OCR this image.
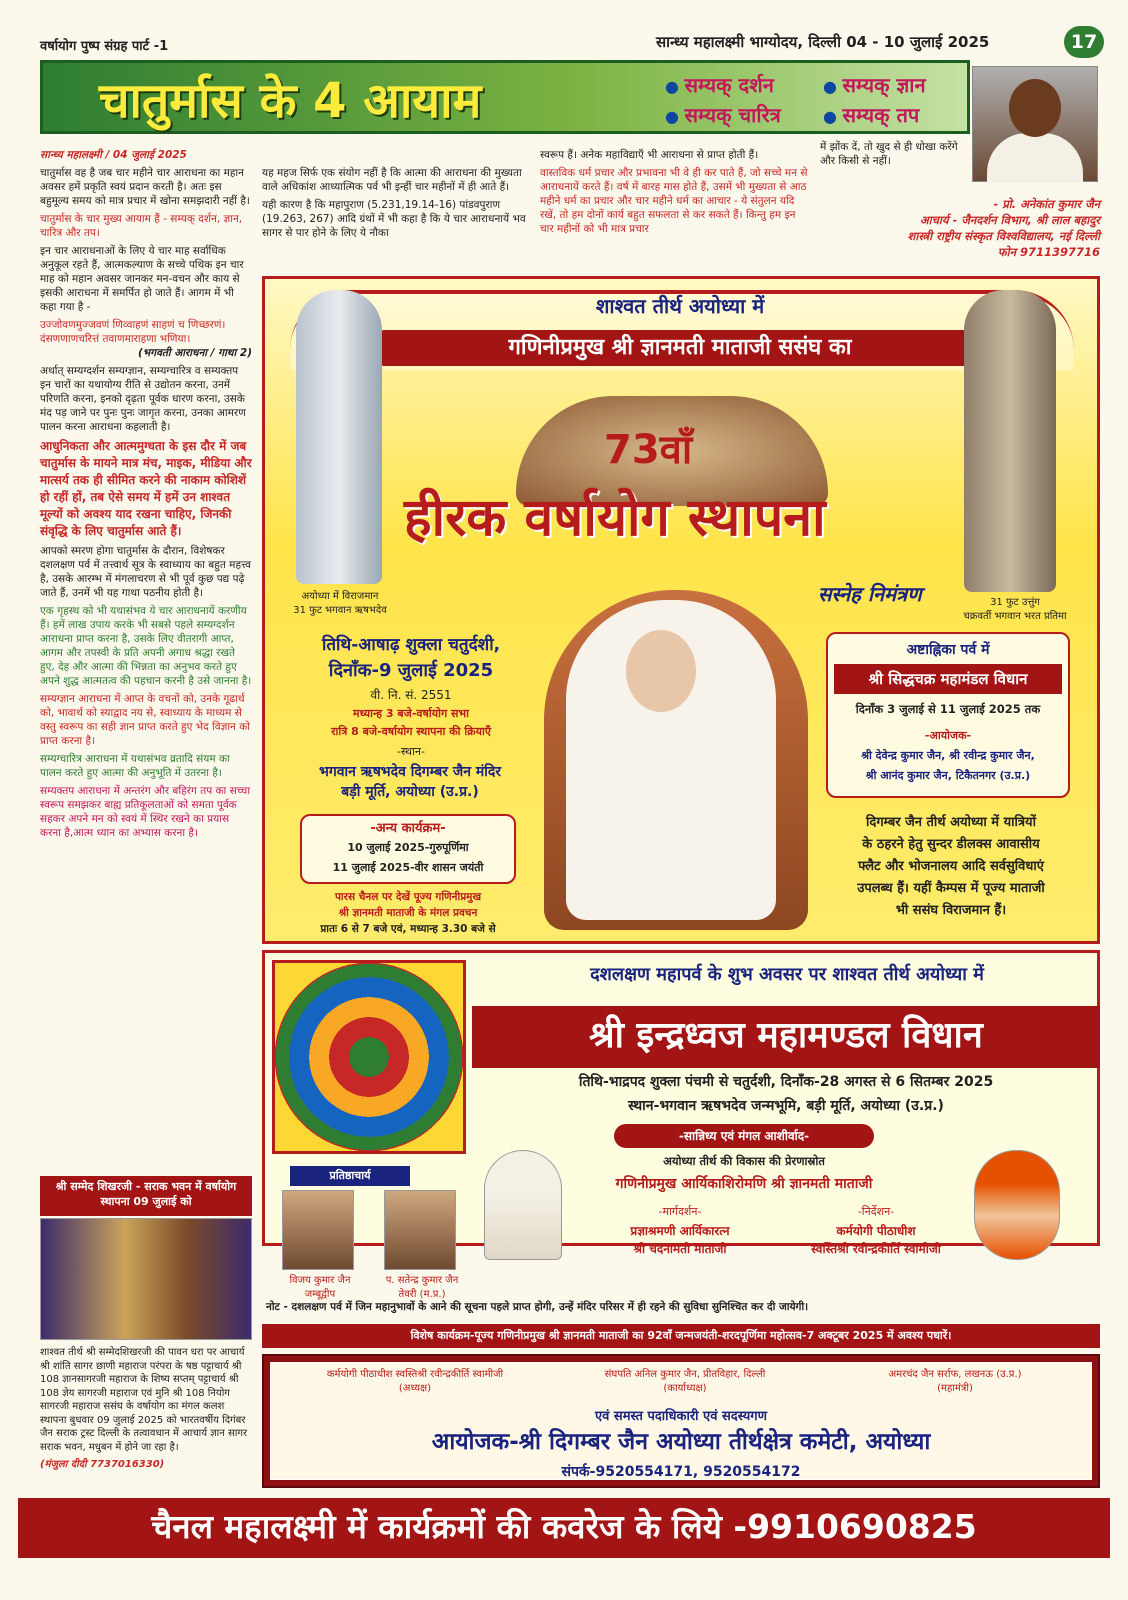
वर्षायोग पुष्प संग्रह पार्ट -1	सान्ध्य महालक्ष्मी भाग्योदय, दिल्ली 04 - 10 जुलाई 2025	17
चातुर्मास के 4 आयाम	● सम्यक् दर्शन	● सम्यक् ज्ञान
● सम्यक् चारित्र	● सम्यक् तप

सान्ध्य महालक्ष्मी / 04 जुलाई 2025

चातुर्मास वह है जब चार महीने चार आराधना का महान अवसर हमें प्रकृति स्वयं प्रदान करती है। अतः इस बहुमूल्य समय को मात्र प्रचार में खोना समझदारी नहीं है।

चातुर्मास के चार मुख्य आयाम हैं - सम्यक् दर्शन, ज्ञान, चारित्र और तप।

इन चार आराधनाओं के लिए ये चार माह सर्वाधिक अनुकूल रहते हैं, आत्मकल्याण के सच्चे पथिक इन चार माह को महान अवसर जानकर मन-वचन और काय से इसकी आराधना में समर्पित हो जाते हैं। आगम में भी कहा गया है -

उज्जोवणमुज्जवणं णिव्वाहणं साहणं च णिच्छरणं।

दंसणणाणचरित्तं तवाणमाराहणा भणिया।

(भगवती आराधना / गाथा 2)

अर्थात् सम्यग्दर्शन सम्यग्ज्ञान, सम्यग्चारित्र व सम्यक्तप इन चारों का यथायोग्य रीति से उद्योतन करना, उनमें परिणति करना, इनको दृढ़ता पूर्वक धारण करना, उसके मंद पड़ जाने पर पुनः पुनः जागृत करना, उनका आमरण पालन करना आराधना कहलाती है।

आधुनिकता और आत्ममुग्धता के इस दौर में जब चातुर्मास के मायने मात्र मंच, माइक, मीडिया और मात्सर्य तक ही सीमित करने की नाकाम कोशिशें हो रहीं हों, तब ऐसे समय में हमें उन शाश्वत मूल्यों को अवश्य याद रखना चाहिए, जिनकी संवृद्धि के लिए चातुर्मास आते हैं।

आपको स्मरण होगा चातुर्मास के दौरान, विशेषकर दशलक्षण पर्व में तत्त्वार्थ सूत्र के स्वाध्याय का बहुत महत्त्व है, उसके आरम्भ में मंगलाचरण से भी पूर्व कुछ पद्य पढ़े जाते हैं, उनमें भी यह गाथा पठनीय होती है।

एक गृहस्थ को भी यथासंभव ये चार आराधनायें करणीय हैं। हमें लाख उपाय करके भी सबसे पहले सम्यग्दर्शन आराधना प्राप्त करना है, उसके लिए वीतरागी आप्त, आगम और तपस्वी के प्रति अपनी अगाध श्रद्धा रखते हुए, देह और आत्मा की भिन्नता का अनुभव करते हुए अपने शुद्ध आत्मतत्व की पहचान करनी है उसे जानना है।

सम्यग्ज्ञान आराधना में आप्त के वचनों को, उनके गूढार्थ को, भावार्थ को स्याद्वाद नय से, स्वाध्याय के माध्यम से वस्तु स्वरूप का सही ज्ञान प्राप्त करते हुए भेद विज्ञान को प्राप्त करना है।

सम्यग्चारित्र आराधना में यथासंभव व्रतादि संयम का पालन करते हुए आत्मा की अनुभूति में उतरना है।

सम्यक्तप आराधना में अन्तरंग और बहिरंग तप का सच्चा स्वरूप समझकर बाह्य प्रतिकूलताओं को समता पूर्वक सहकर अपने मन को स्वयं में स्थिर रखने का प्रयास करना है,आत्म ध्यान का अभ्यास करना है।

श्री सम्मेद शिखरजी - सराक भवन में वर्षायोग स्थापना 09 जुलाई को

शाश्वत तीर्थ श्री सम्मेदशिखरजी की पावन धरा पर आचार्य श्री शांति सागर छाणी महाराज परंपरा के षष्ठ पट्टाचार्य श्री 108 ज्ञानसागरजी महाराज के शिष्य सप्तम् पट्टाचार्य श्री 108 ज्ञेय सागरजी महाराज एवं मुनि श्री 108 नियोग सागरजी महाराज ससंघ के वर्षायोग का मंगल कलश स्थापना बुधवार 09 जुलाई 2025 को भारतवर्षीय दिगंबर जैन सराक ट्रस्ट दिल्ली के तत्वावधान में आचार्य ज्ञान सागर सराक भवन, मधुबन में होने जा रहा है।

(मंजुला दीदी 7737016330)

यह महज सिर्फ एक संयोग नहीं है कि आत्मा की आराधना की मुख्यता वाले अधिकांश आध्यात्मिक पर्व भी इन्हीं चार महीनों में ही आते हैं।

यही कारण है कि महापुराण (5.231,19.14-16) पांडवपुराण (19.263, 267) आदि ग्रंथों में भी कहा है कि ये चार आराधनायें भव सागर से पार होने के लिए ये नौका

स्वरूप हैं। अनेक महाविद्याएँ भी आराधना से प्राप्त होती हैं।

वास्तविक धर्म प्रचार और प्रभावना भी वे ही कर पाते हैं, जो सच्चे मन से आराधनायें करते हैं। वर्ष में बारह मास होते हैं, उसमें भी मुख्यता से आठ महीने धर्म का प्रचार और चार महीने धर्म का आचार - ये संतुलन यदि रखें, तो हम दोनों कार्य बहुत सफलता से कर सकते हैं। किन्तु हम इन चार महीनों को भी मात्र प्रचार

में झोंक दें, तो खुद से ही धोखा करेंगे और किसी से नहीं।
- प्रो. अनेकांत कुमार जैन
आचार्य - जैनदर्शन विभाग, श्री लाल बहादुर
शास्त्री राष्ट्रीय संस्कृत विश्वविद्यालय, नई दिल्ली
फोन 9711397716
शाश्वत तीर्थ अयोध्या में
गणिनीप्रमुख श्री ज्ञानमती माताजी ससंघ का
अयोध्या में विराजमान
31 फुट भगवान ऋषभदेव
31 फुट उत्तुंग
चक्रवर्ती भगवान भरत प्रतिमा
73वाँ
हीरक वर्षायोग स्थापना
सस्नेह निमंत्रण
तिथि-आषाढ़ शुक्ला चतुर्दशी,
दिनाँक-9 जुलाई 2025
वी. नि. सं. 2551
मध्यान्ह 3 बजे-वर्षायोग सभा
रात्रि 8 बजे-वर्षायोग स्थापना की क्रियाएँ
-स्थान-
भगवान ऋषभदेव दिगम्बर जैन मंदिर
बड़ी मूर्ति, अयोध्या (उ.प्र.)
-अन्य कार्यक्रम-
10 जुलाई 2025-गुरुपूर्णिमा
11 जुलाई 2025-वीर शासन जयंती
पारस चैनल पर देखें पूज्य गणिनीप्रमुख
श्री ज्ञानमती माताजी के मंगल प्रवचन
प्रातः 6 से 7 बजे एवं, मध्यान्ह 3.30 बजे से
अष्टाह्निका पर्व में
श्री सिद्धचक्र महामंडल विधान
दिनाँक 3 जुलाई से 11 जुलाई 2025 तक
-आयोजक-
श्री देवेन्द्र कुमार जैन, श्री रवीन्द्र कुमार जैन,
श्री आनंद कुमार जैन, टिकैतनगर (उ.प्र.)
दिगम्बर जैन तीर्थ अयोध्या में यात्रियों
के ठहरने हेतु सुन्दर डीलक्स आवासीय
फ्लैट और भोजनालय आदि सर्वसुविधाएं
उपलब्ध हैं। यहीं कैम्पस में पूज्य माताजी
भी ससंघ विराजमान हैं।
दशलक्षण महापर्व के शुभ अवसर पर शाश्वत तीर्थ अयोध्या में
श्री इन्द्रध्वज महामण्डल विधान
तिथि-भाद्रपद शुक्ला पंचमी से चतुर्दशी, दिनाँक-28 अगस्त से 6 सितम्बर 2025
स्थान-भगवान ऋषभदेव जन्मभूमि, बड़ी मूर्ति, अयोध्या (उ.प्र.)
-सान्निध्य एवं मंगल आशीर्वाद-
अयोध्या तीर्थ की विकास की प्रेरणास्रोत
गणिनीप्रमुख आर्यिकाशिरोमणि श्री ज्ञानमती माताजी
प्रतिष्ठाचार्य
विजय कुमार जैन
जम्बूद्वीप
प. सतेन्द्र कुमार जैन
तेवरी (म.प्र.)
-मार्गदर्शन-
प्रज्ञाश्रमणी आर्यिकारत्न
श्री चंदनामती माताजी
-निर्देशन-
कर्मयोगी पीठाधीश
स्वस्तिश्री रवीन्द्रकीर्ति स्वामीजी
नोट - दशलक्षण पर्व में जिन महानुभावों के आने की सूचना पहले प्राप्त होगी, उन्हें मंदिर परिसर में ही रहने की सुविधा सुनिश्चित कर दी जायेगी।
विशेष कार्यक्रम-पूज्य गणिनीप्रमुख श्री ज्ञानमती माताजी का 92वाँ जन्मजयंती-शरदपूर्णिमा महोत्सव-7 अक्टूबर 2025 में अवश्य पधारें।
कर्मयोगी पीठाधीश स्वस्तिश्री रवीन्द्रकीर्ति स्वामीजी
(अध्यक्ष)
संघपति अनिल कुमार जैन, प्रीतविहार, दिल्ली
(कार्याध्यक्ष)
अमरचंद जैन सर्राफ, लखनऊ (उ.प्र.)
(महामंत्री)
एवं समस्त पदाधिकारी एवं सदस्यगण
आयोजक-श्री दिगम्बर जैन अयोध्या तीर्थक्षेत्र कमेटी, अयोध्या
संपर्क-9520554171, 9520554172
चैनल महालक्ष्मी में कार्यक्रमों की कवरेज के लिये -9910690825
